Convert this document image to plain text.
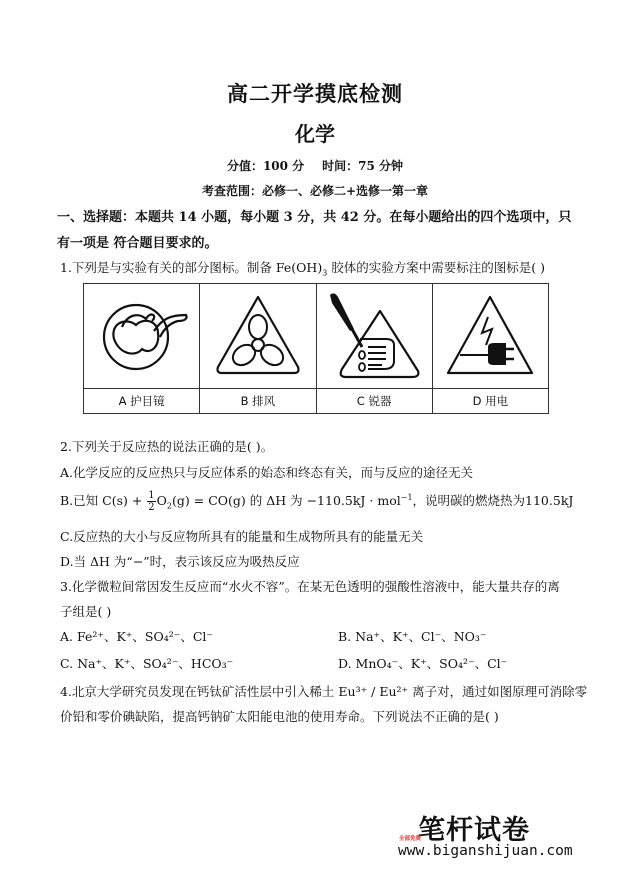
高二开学摸底检测
化学
分值：100 分 时间：75 分钟
考查范围：必修一、必修二+选修一第一章
一、选择题：本题共 14 小题，每小题 3 分，共 42 分。在每小题给出的四个选项中，只有一项是 符合题目要求的。
1.下列是与实验有关的部分图标。制备 $Fe(OH)_3$ 胶体的实验方案中需要标注的图标是( )

A 护目镜	B 排风	C 锐器	D 用电
2.下列关于反应热的说法正确的是( )。
A.化学反应的反应热只与反应体系的始态和终态有关，而与反应的途径无关
B.已知 $C(s) + \frac{1}{2} O_2(g) = CO(g)$ 的 ΔH 为 −110.5kJ · mol$^{-1}$，说明碳的燃烧热为110.5kJ
C.反应热的大小与反应物所具有的能量和生成物所具有的能量无关
D.当 ΔH 为“−”时，表示该反应为吸热反应
3.化学微粒间常因发生反应而“水火不容”。在某无色透明的强酸性溶液中，能大量共存的离
子组是( )
A. Fe²⁺、K⁺、SO₄²⁻、Cl⁻	B. Na⁺、K⁺、Cl⁻、NO₃⁻
C. Na⁺、K⁺、SO₄²⁻、HCO₃⁻	D. MnO₄⁻、K⁺、SO₄²⁻、Cl⁻
4.北京大学研究员发现在钙钛矿活性层中引入稀土 Eu³⁺ / Eu²⁺ 离子对，通过如图原理可消除零
价铅和零价碘缺陷，提高钙钠矿太阳能电池的使用寿命。下列说法不正确的是( )
笔杆试卷
全部免费
www.biganshijuan.com
